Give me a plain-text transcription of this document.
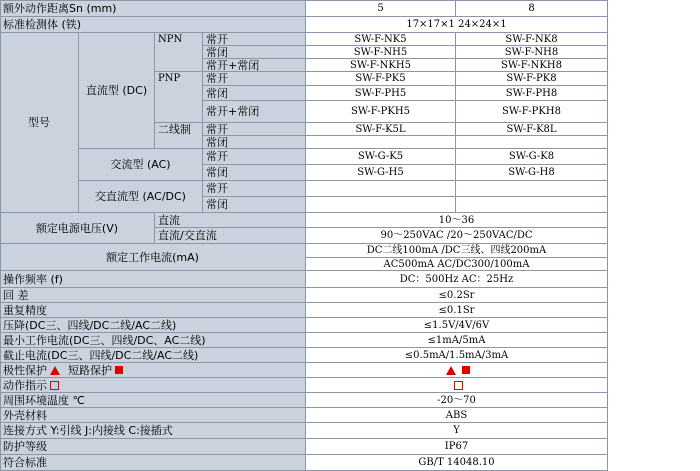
额外动作距离Sn (mm)	5	8
标准检测体 (铁)	17×17×1 24×24×1
型号
直流型 (DC)
NPN	常开	SW-F-NK5	SW-F-NK8
常闭	SW-F-NH5	SW-F-NH8
常开+常闭	SW-F-NKH5	SW-F-NKH8
PNP	常开	SW-F-PK5	SW-F-PK8
常闭	SW-F-PH5	SW-F-PH8
常开+常闭	SW-F-PKH5	SW-F-PKH8
二线制	常开	SW-F-K5L	SW-F-K8L
常闭
交流型 (AC)
常开	SW-G-K5	SW-G-K8
常闭	SW-G-H5	SW-G-H8
交直流型 (AC/DC)
常开
常闭
额定电源电压(V)
直流	10～36
直流/交直流	90～250VAC /20～250VAC/DC
额定工作电流(mA)	DC二线100mA /DC三线、四线200mA
AC500mA AC/DC300/100mA
操作频率 (f)	DC：500Hz AC：25Hz
回 差	≤0.2Sr
重复精度	≤0.1Sr
压降(DC三、四线/DC二线/AC二线)	≤1.5V/4V/6V
最小工作电流(DC三、四线/DC、AC二线)	≤1mA/5mA
截止电流(DC三、四线/DC二线/AC二线)	≤0.5mA/1.5mA/3mA
极性保护 短路保护
动作指示
周围环境温度 ℃	-20～70
外壳材料	ABS
连接方式 Y:引线 J:内接线 C:接插式	Y
防护等级	IP67
符合标准	GB/T 14048.10
